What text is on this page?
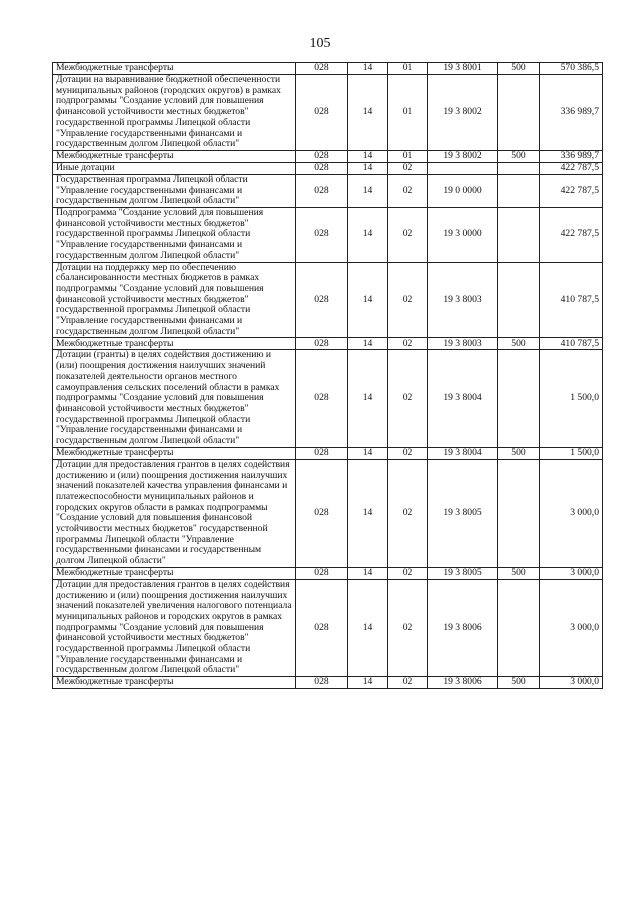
105
Межбюджетные трансферты	028	14	01	19 3 8001	500	570 386,5
Дотации на выравнивание бюджетной обеспеченности муниципальных районов (городских округов) в рамках подпрограммы "Создание условий для повышения финансовой устойчивости местных бюджетов" государственной программы Липецкой области "Управление государственными финансами и государственным долгом Липецкой области"	028	14	01	19 3 8002		336 989,7
Межбюджетные трансферты	028	14	01	19 3 8002	500	336 989,7
Иные дотации	028	14	02			422 787,5
Государственная программа Липецкой области "Управление государственными финансами и государственным долгом Липецкой области"	028	14	02	19 0 0000		422 787,5
Подпрограмма "Создание условий для повышения финансовой устойчивости местных бюджетов" государственной программы Липецкой области "Управление государственными финансами и государственным долгом Липецкой области"	028	14	02	19 3 0000		422 787,5
Дотации на поддержку мер по обеспечению сбалансированности местных бюджетов в рамках подпрограммы "Создание условий для повышения финансовой устойчивости местных бюджетов" государственной программы Липецкой области "Управление государственными финансами и государственным долгом Липецкой области"	028	14	02	19 3 8003		410 787,5
Межбюджетные трансферты	028	14	02	19 3 8003	500	410 787,5
Дотации (гранты) в целях содействия достижению и (или) поощрения достижения наилучших значений показателей деятельности органов местного самоуправления сельских поселений области в рамках подпрограммы "Создание условий для повышения финансовой устойчивости местных бюджетов" государственной программы Липецкой области "Управление государственными финансами и государственным долгом Липецкой области"	028	14	02	19 3 8004		1 500,0
Межбюджетные трансферты	028	14	02	19 3 8004	500	1 500,0
Дотации для предоставления грантов в целях содействия достижению и (или) поощрения достижения наилучших значений показателей качества управления финансами и платежеспособности муниципальных районов и городских округов области в рамках подпрограммы "Создание условий для повышения финансовой устойчивости местных бюджетов" государственной программы Липецкой области "Управление государственными финансами и государственным долгом Липецкой области"	028	14	02	19 3 8005		3 000,0
Межбюджетные трансферты	028	14	02	19 3 8005	500	3 000,0
Дотации для предоставления грантов в целях содействия достижению и (или) поощрения достижения наилучших значений показателей увеличения налогового потенциала муниципальных районов и городских округов в рамках подпрограммы "Создание условий для повышения финансовой устойчивости местных бюджетов" государственной программы Липецкой области "Управление государственными финансами и государственным долгом Липецкой области"	028	14	02	19 3 8006		3 000,0
Межбюджетные трансферты	028	14	02	19 3 8006	500	3 000,0
